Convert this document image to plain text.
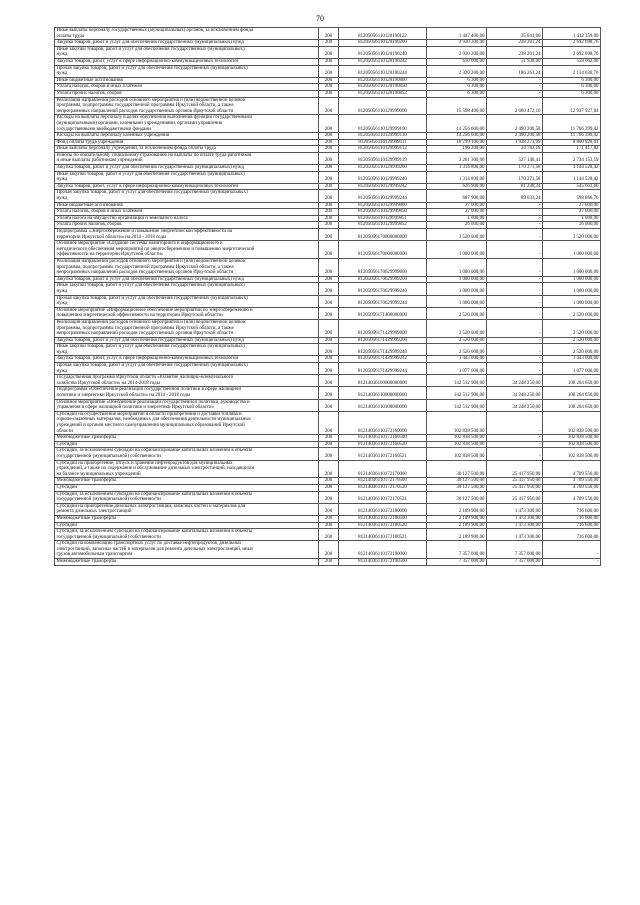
70
Иные выплаты персоналу государственных (муниципальных) органов, за исключением фонда
оплаты труда	200	81205056110120190122	1 447 400,00	35 041,00	1 412 359,00
Закупка товаров, работ и услуг для обеспечения государственных (муниципальных) нужд	200	81205056110120190200	2 930 200,00	238 201,24	2 692 098,76
Иные закупки товаров, работ и услуг для обеспечения государственных (муниципальных)
нужд	200	81205056110120190240	2 930 200,00	238 201,24	2 692 098,76
Закупка товаров, работ, услуг в сфере информационно-коммуникационных технологий	200	81205056110120190242	610 000,00	51 938,00	558 062,00
Прочая закупка товаров, работ и услуг для обеспечения государственных (муниципальных)
нужд	200	81205056110120190244	2 320 200,00	186 263,24	2 134 036,76
Иные бюджетные ассигнования	200	81205056110120190800	6 300,00	-	6 300,00
Уплата налогов, сборов и иных платежей	200	81205056110120190850	6 300,00	-	6 300,00
Уплата прочих налогов, сборов	200	81205056110120190852	6 300,00	-	6 300,00
Реализация направлений расходов основного мероприятия и (или) ведомственной целевой
программы, подпрограммы государственной программы Иркутской области, а также
непрограммных направлений расходов государственных органов Иркутской области	200	81205056110129999000	15 598 400,00	2 660 472,16	12 937 927,84
Расходы на выплаты персоналу в целях обеспечения выполнения функций государственными
(муниципальными) органами, казенными учреждениями, органами управления
государственными внебюджетными фондами	200	81205056110129999100	14 256 600,00	2 490 200,58	11 766 399,42
Расходы на выплаты персоналу казенных учреждений	200	81205056110129999110	14 256 600,00	2 490 200,58	11 766 399,42
Фонд оплаты труда учреждений	200	81205056110129999111	10 799 100,00	1 938 271,99	8 860 828,01
Иные выплаты персоналу учреждений, за исключением фонда оплаты труда	200	81205056110129999112	196 200,00	24 782,18	171 417,82
Взносы по обязательному социальному страхованию на выплаты по оплате труда работников
и иные выплаты работникам учреждений	200	81205056110129999119	3 261 300,00	527 146,41	2 734 153,59
Закупка товаров, работ и услуг для обеспечения государственных (муниципальных) нужд	200	81205056110129999200	1 314 800,00	170 271,58	1 144 528,42
Иные закупки товаров, работ и услуг для обеспечения государственных (муниципальных)
нужд	200	81205056110129999240	1 314 800,00	170 271,58	1 144 528,42
Закупка товаров, работ, услуг в сфере информационно-коммуникационных технологий	200	81205056110129999242	626 900,00	81 238,34	545 661,66
Прочая закупка товаров, работ и услуг для обеспечения государственных (муниципальных)
нужд	200	81205056110129999244	687 900,00	89 033,24	598 866,76
Иные бюджетные ассигнования	200	81205056110129999800	27 000,00	-	27 000,00
Уплата налогов, сборов и иных платежей	200	81205056110129999850	27 000,00	-	27 000,00
Уплата налога на имущество организаций и земельного налога	200	81205056110129999851	1 000,00	-	1 000,00
Уплата прочих налогов, сборов	200	81205056110129999852	26 000,00	-	26 000,00
Подпрограмма «Энергосбережение и повышение энергетической эффективности на
территории Иркутской области» на 2014 - 2018 годы	200	81205056170000000000	3 520 000,00	-	3 520 000,00
Основное мероприятие «Создание системы мониторинга и информационного и
методического обеспечения мероприятий по энергосбережению и повышению энергетической
эффективности на территории Иркутской области»	200	81205056170600000000	1 000 000,00	-	1 000 000,00
Реализация направлений расходов основного мероприятия и (или) ведомственной целевой
программы, подпрограммы государственной программы Иркутской области, а также
непрограммных направлений расходов государственных органов Иркутской области	200	81205056170629999000	1 000 000,00	-	1 000 000,00
Закупка товаров, работ и услуг для обеспечения государственных (муниципальных) нужд	200	81205056170629999200	1 000 000,00	-	1 000 000,00
Иные закупки товаров, работ и услуг для обеспечения государственных (муниципальных)
нужд	200	81205056170629999240	1 000 000,00	-	1 000 000,00
Прочая закупка товаров, работ и услуг для обеспечения государственных (муниципальных)
нужд	200	81205056170629999244	1 000 000,00	-	1 000 000,00
Основное мероприятие «Информационное обеспечение мероприятий по энергосбережению и
повышению энергетической эффективности на территории Иркутской области»	200	81205056171400000000	2 520 000,00	-	2 520 000,00
Реализация направлений расходов основного мероприятия и (или) ведомственной целевой
программы, подпрограммы государственной программы Иркутской области, а также
непрограммных направлений расходов государственных органов Иркутской области	200	81205056171429999000	2 520 000,00	-	2 520 000,00
Закупка товаров, работ и услуг для обеспечения государственных (муниципальных) нужд	200	81205056171429999200	2 520 000,00	-	2 520 000,00
Иные закупки товаров, работ и услуг для обеспечения государственных (муниципальных)
нужд	200	81205056171429999240	2 520 000,00	-	2 520 000,00
Закупка товаров, работ, услуг в сфере информационно-коммуникационных технологий	200	81205056171429999242	1 443 000,00	-	1 443 000,00
Прочая закупка товаров, работ и услуг для обеспечения государственных (муниципальных)
нужд	200	81205056171429999244	1 077 000,00	-	1 077 000,00
Государственная программа Иркутской области «Развитие жилищно-коммунального
хозяйства Иркутской области» на 2014-2018 годы	200	81214036100000000000	142 512 900,00	34 248 250,00	108 264 650,00
Подпрограмма «Обеспечение реализации государственной политики в сфере жилищной
политики и энергетики Иркутской области» на 2014 - 2018 годы	200	81214036110000000000	142 512 900,00	34 248 250,00	108 264 650,00
Основное мероприятие «Обеспечение реализации государственной политики, руководства и
управления в сфере жилищной политики и энергетики Иркутской области»	200	81214036110100000000	142 512 900,00	34 248 250,00	108 264 650,00
Субсидии на осуществление мероприятий в области приобретения и доставки топлива и
горюче-смазочных материалов, необходимых для обеспечения деятельности муниципальных
учреждений и органов местного самоуправления муниципальных образований Иркутской
области	200	81214036110172160000	102 838 500,00	-	102 838 500,00
Межбюджетные трансферты	200	81214036110172160500	102 838 500,00	-	102 838 500,00
Субсидии	200	81214036110172160520	102 838 500,00	-	102 838 500,00
Субсидии, за исключением субсидий на софинансирование капитальных вложений в объекты
государственной (муниципальной) собственности	200	81214036110172160521	102 838 500,00	-	102 838 500,00
Субсидии на приобретение, отпуск и хранение нефтепродуктов для муниципальных
учреждений, а также их содержание и обслуживание дизельных электростанций, находящихся
на балансе муниципальных учреждений	200	81214036110172170000	30 127 500,00	25 417 950,00	4 709 550,00
Межбюджетные трансферты	200	81214036110172170500	30 127 500,00	25 417 950,00	4 709 550,00
Субсидии	200	81214036110172170520	30 127 500,00	25 417 950,00	4 709 550,00
Субсидии, за исключением субсидий на софинансирование капитальных вложений в объекты
государственной (муниципальной) собственности	200	81214036110172170521	30 127 500,00	25 417 950,00	4 709 550,00
Субсидии на приобретение дизельных электростанций, запасных частей и материалов для
ремонта дизельных электростанций	200	81214036110172180000	2 189 900,00	1 473 300,00	716 600,00
Межбюджетные трансферты	200	81214036110172180500	2 189 900,00	1 473 300,00	716 600,00
Субсидии	200	81214036110172180520	2 189 900,00	1 473 300,00	716 600,00
Субсидии, за исключением субсидий на софинансирование капитальных вложений в объекты
государственной (муниципальной) собственности	200	81214036110172180521	2 189 900,00	1 473 300,00	716 600,00
Субсидии на компенсацию транспортных услуг по доставке нефтепродуктов, дизельных
электростанций, запасных частей и материалов для ремонта дизельных электростанций, иных
грузов автомобильным транспортом	200	81214036110172190000	7 357 000,00	7 357 000,00	-
Межбюджетные трансферты	200	81214036110172190500	7 357 000,00	7 357 000,00	-
